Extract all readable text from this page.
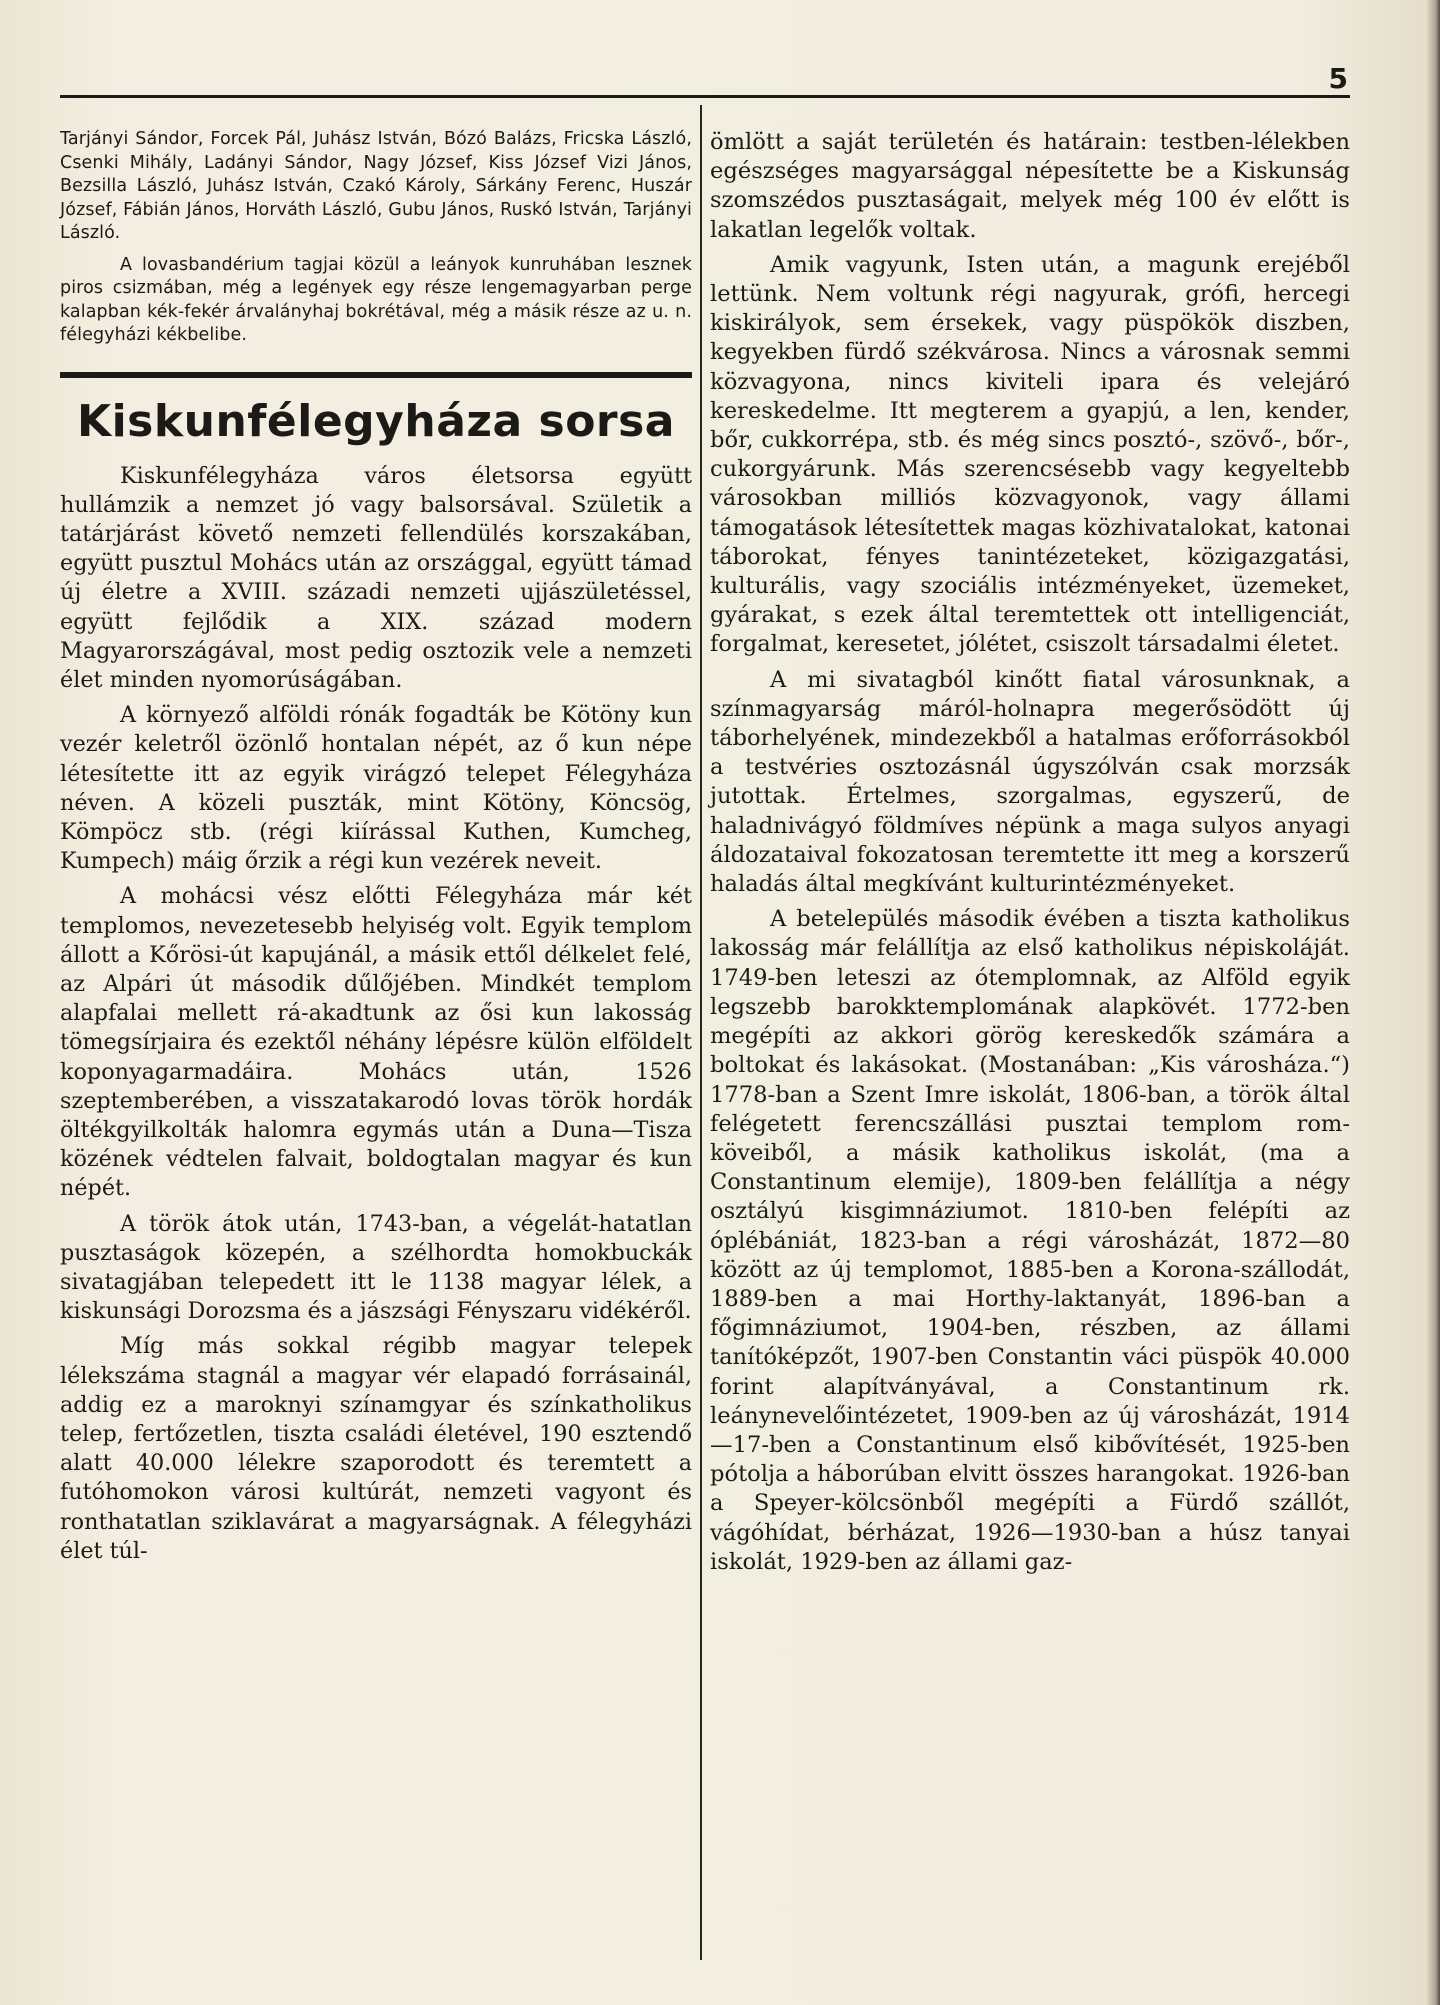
5

Tarjányi Sándor, Forcek Pál, Juhász István, Bózó Balázs, Fricska László, Csenki Mihály, Ladányi Sándor, Nagy József, Kiss József Vizi János, Bezsilla László, Juhász István, Czakó Károly, Sárkány Ferenc, Huszár József, Fábián János, Horváth László, Gubu János, Ruskó István, Tarjányi László.

A lovasbandérium tagjai közül a leányok kunruhában lesznek piros csizmában, még a legények egy része lengemagyarban perge kalapban kék-fekér árvalányhaj bokrétával, még a másik része az u. n. félegyházi kékbelibe.

Kiskunfélegyháza sorsa

Kiskunfélegyháza város életsorsa együtt hullámzik a nemzet jó vagy balsorsával. Születik a tatárjárást követő nemzeti fellendülés korszakában, együtt pusztul Mohács után az országgal, együtt támad új életre a XVIII. századi nemzeti ujjászületéssel, együtt fejlődik a XIX. század modern Magyarországával, most pedig osztozik vele a nemzeti élet minden nyomorúságában.

A környező alföldi rónák fogadták be Kötöny kun vezér keletről özönlő hontalan népét, az ő kun népe létesítette itt az egyik virágzó telepet Félegyháza néven. A közeli puszták, mint Kötöny, Köncsög, Kömpöcz stb. (régi kiírással Kuthen, Kumcheg, Kumpech) máig őrzik a régi kun vezérek neveit.

A mohácsi vész előtti Félegyháza már két templomos, nevezetesebb helyiség volt. Egyik templom állott a Kőrösi-út kapujánál, a másik ettől délkelet felé, az Alpári út második dűlőjében. Mindkét templom alapfalai mellett rá-akadtunk az ősi kun lakosság tömegsírjaira és ezektől néhány lépésre külön elföldelt koponyagarmadáira. Mohács után, 1526 szeptemberében, a visszatakarodó lovas török hordák öltékgyilkolták halomra egymás után a Duna—Tisza közének védtelen falvait, boldogtalan magyar és kun népét.

A török átok után, 1743-ban, a végelát-hatatlan pusztaságok közepén, a szélhordta homokbuckák sivatagjában telepedett itt le 1138 magyar lélek, a kiskunsági Dorozsma és a jászsági Fényszaru vidékéről.

Míg más sokkal régibb magyar telepek lélekszáma stagnál a magyar vér elapadó forrásainál, addig ez a maroknyi színamgyar és színkatholikus telep, fertőzetlen, tiszta családi életével, 190 esztendő alatt 40.000 lélekre szaporodott és teremtett a futóhomokon városi kultúrát, nemzeti vagyont és ronthatatlan sziklavárat a magyarságnak. A félegyházi élet túl-

ömlött a saját területén és határain: testben-lélekben egészséges magyarsággal népesítette be a Kiskunság szomszédos pusztaságait, melyek még 100 év előtt is lakatlan legelők voltak.

Amik vagyunk, Isten után, a magunk erejéből lettünk. Nem voltunk régi nagyurak, grófi, hercegi kiskirályok, sem érsekek, vagy püspökök diszben, kegyekben fürdő székvárosa. Nincs a városnak semmi közvagyona, nincs kiviteli ipara és velejáró kereskedelme. Itt megterem a gyapjú, a len, kender, bőr, cukkorrépa, stb. és még sincs posztó-, szövő-, bőr-, cukorgyárunk. Más szerencsésebb vagy kegyeltebb városokban milliós közvagyonok, vagy állami támogatások létesítettek magas közhivatalokat, katonai táborokat, fényes tanintézeteket, közigazgatási, kulturális, vagy szociális intézményeket, üzemeket, gyárakat, s ezek által teremtettek ott intelligenciát, forgalmat, keresetet, jólétet, csiszolt társadalmi életet.

A mi sivatagból kinőtt fiatal városunknak, a színmagyarság máról-holnapra megerősödött új táborhelyének, mindezekből a hatalmas erőforrásokból a testvéries osztozásnál úgyszólván csak morzsák jutottak. Értelmes, szorgalmas, egyszerű, de haladnivágyó földmíves népünk a maga sulyos anyagi áldozataival fokozatosan teremtette itt meg a korszerű haladás által megkívánt kulturintézményeket.

A betelepülés második évében a tiszta katholikus lakosság már felállítja az első katholikus népiskoláját. 1749-ben leteszi az ótemplomnak, az Alföld egyik legszebb barokktemplomának alapkövét. 1772-ben megépíti az akkori görög kereskedők számára a boltokat és lakásokat. (Mostanában: „Kis városháza.“) 1778-ban a Szent Imre iskolát, 1806-ban, a török által felégetett ferencszállási pusztai templom rom- köveiből, a másik katholikus iskolát, (ma a Constantinum elemije), 1809-ben felállítja a négy osztályú kisgimnáziumot. 1810-ben felépíti az óplébániát, 1823-ban a régi városházát, 1872—80 között az új templomot, 1885-ben a Korona-szállodát, 1889-ben a mai Horthy-laktanyát, 1896-ban a főgimnáziumot, 1904-ben, részben, az állami tanítóképzőt, 1907-ben Constantin váci püspök 40.000 forint alapítványával, a Constantinum rk. leánynevelőintézetet, 1909-ben az új városházát, 1914—17-ben a Constantinum első kibővítését, 1925-ben pótolja a háborúban elvitt összes harangokat. 1926-ban a Speyer-kölcsönből megépíti a Fürdő szállót, vágóhídat, bérházat, 1926—1930-ban a húsz tanyai iskolát, 1929-ben az állami gaz-
